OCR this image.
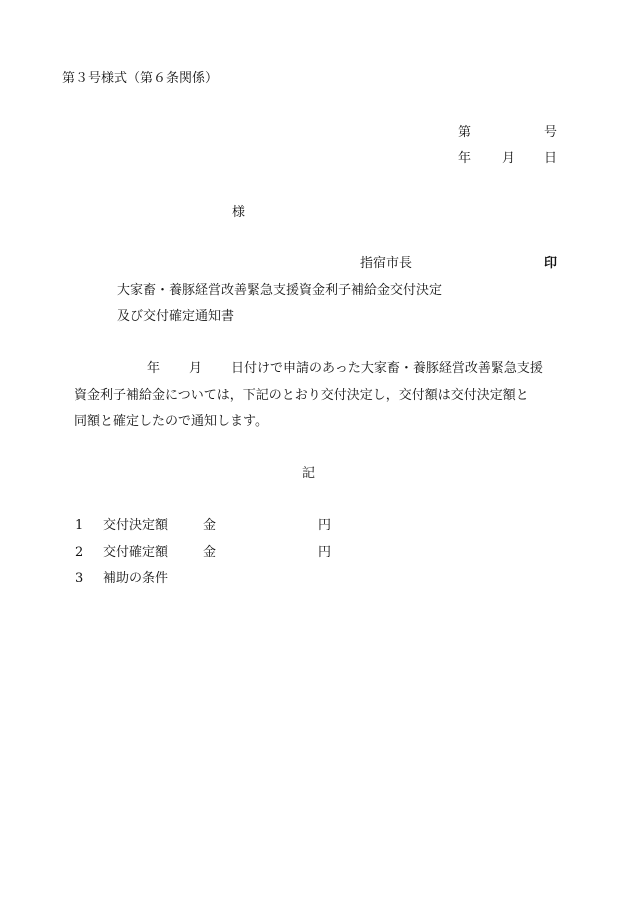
第３号様式（第６条関係）
第	号
年 月 日
様
指宿市長	印
大家畜・養豚経営改善緊急支援資金利子補給金交付決定
及び交付確定通知書
年 月 日付けで申請のあった大家畜・養豚経営改善緊急支援
資金利子補給金については，下記のとおり交付決定し，交付額は交付決定額と
同額と確定したので通知します。
記
1 交付決定額	金	円
2 交付確定額	金	円
3 補助の条件
